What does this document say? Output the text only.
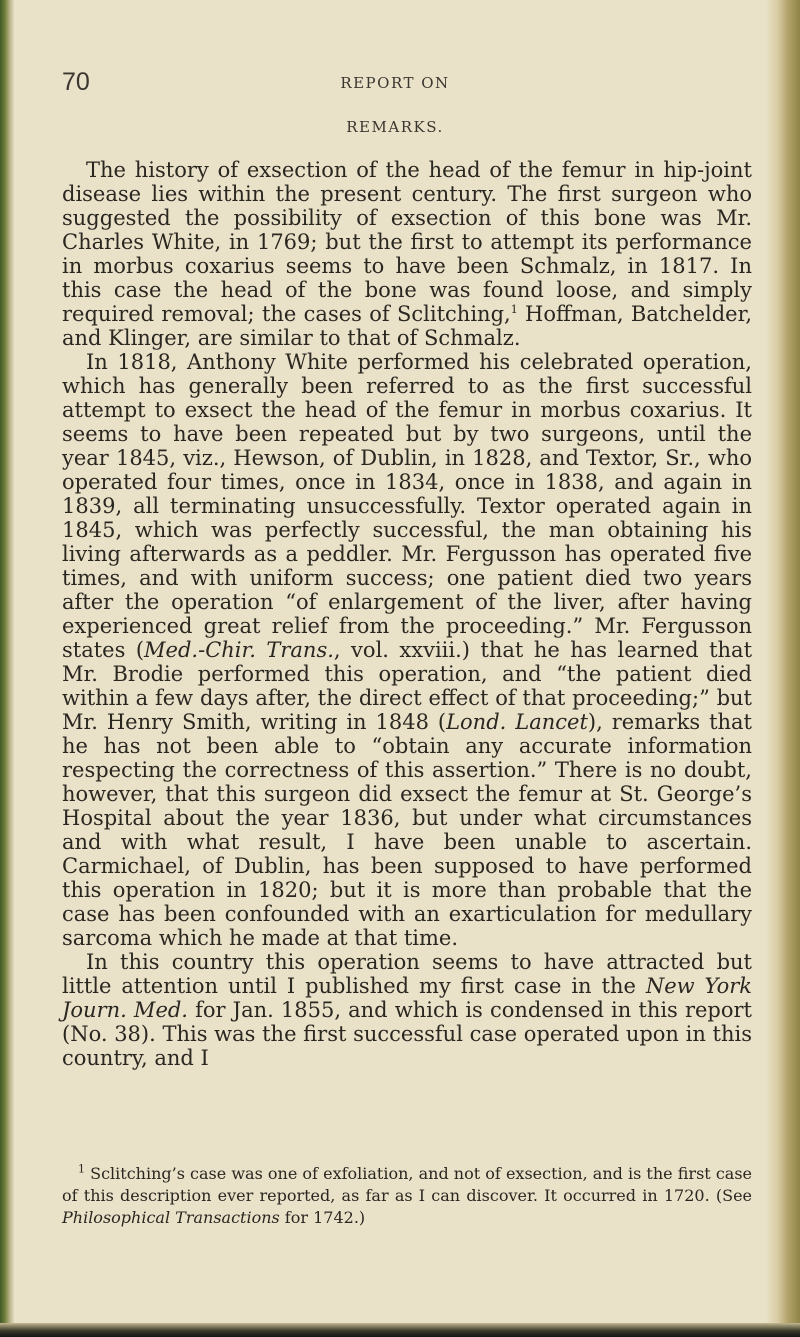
70	REPORT ON
REMARKS.

The history of exsection of the head of the femur in hip-joint disease lies within the present century. The first surgeon who suggested the possibility of exsection of this bone was Mr. Charles White, in 1769; but the first to attempt its performance in morbus coxarius seems to have been Schmalz, in 1817. In this case the head of the bone was found loose, and simply required removal; the cases of Sclitching,$^1$ Hoffman, Batchelder, and Klinger, are similar to that of Schmalz.

In 1818, Anthony White performed his celebrated operation, which has generally been referred to as the first successful attempt to exsect the head of the femur in morbus coxarius. It seems to have been repeated but by two surgeons, until the year 1845, viz., Hewson, of Dublin, in 1828, and Textor, Sr., who operated four times, once in 1834, once in 1838, and again in 1839, all terminating unsuccessfully. Textor operated again in 1845, which was perfectly successful, the man obtaining his living afterwards as a peddler. Mr. Fergusson has operated five times, and with uniform success; one patient died two years after the operation “of enlargement of the liver, after having experienced great relief from the proceeding.” Mr. Fergusson states (Med.-Chir. Trans., vol. xxviii.) that he has learned that Mr. Brodie performed this operation, and “the patient died within a few days after, the direct effect of that proceeding;” but Mr. Henry Smith, writing in 1848 (Lond. Lancet), remarks that he has not been able to “obtain any accurate information respecting the correctness of this assertion.” There is no doubt, however, that this surgeon did exsect the femur at St. George’s Hospital about the year 1836, but under what circumstances and with what result, I have been unable to ascertain. Carmichael, of Dublin, has been supposed to have performed this operation in 1820; but it is more than probable that the case has been confounded with an exarticulation for medullary sarcoma which he made at that time.

In this country this operation seems to have attracted but little attention until I published my first case in the New York Journ. Med. for Jan. 1855, and which is condensed in this report (No. 38). This was the first successful case operated upon in this country, and I

$^1$ Sclitching’s case was one of exfoliation, and not of exsection, and is the first case of this description ever reported, as far as I can discover. It occurred in 1720. (See Philosophical Transactions for 1742.)
